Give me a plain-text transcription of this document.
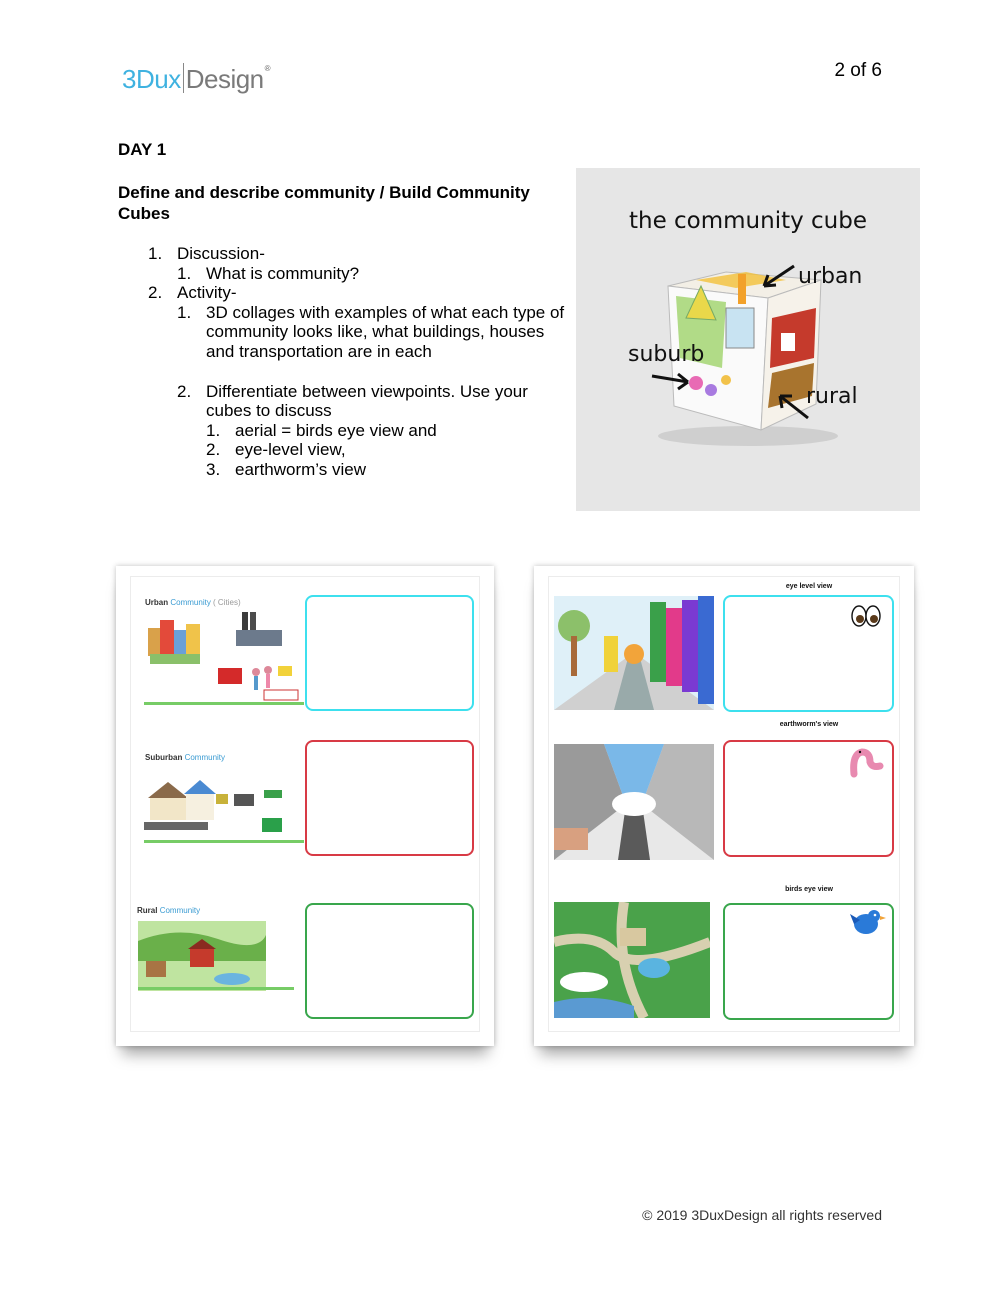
3Dux Design ®	2 of 6
DAY 1
Define and describe community / Build Community Cubes
1. Discussion-
1. What is community?
2. Activity-
1. 3D collages with examples of what each type of community looks like, what buildings, houses and transportation are in each
2. Differentiate between viewpoints. Use your cubes to discuss
1. aerial = birds eye view and
2. eye-level view,
3. earthworm’s view
the community cube
urban
suburb
rural
Urban Community ( Cities)
Suburban Community
Rural Community
eye level view
earthworm's view
birds eye view
© 2019 3DuxDesign all rights reserved
